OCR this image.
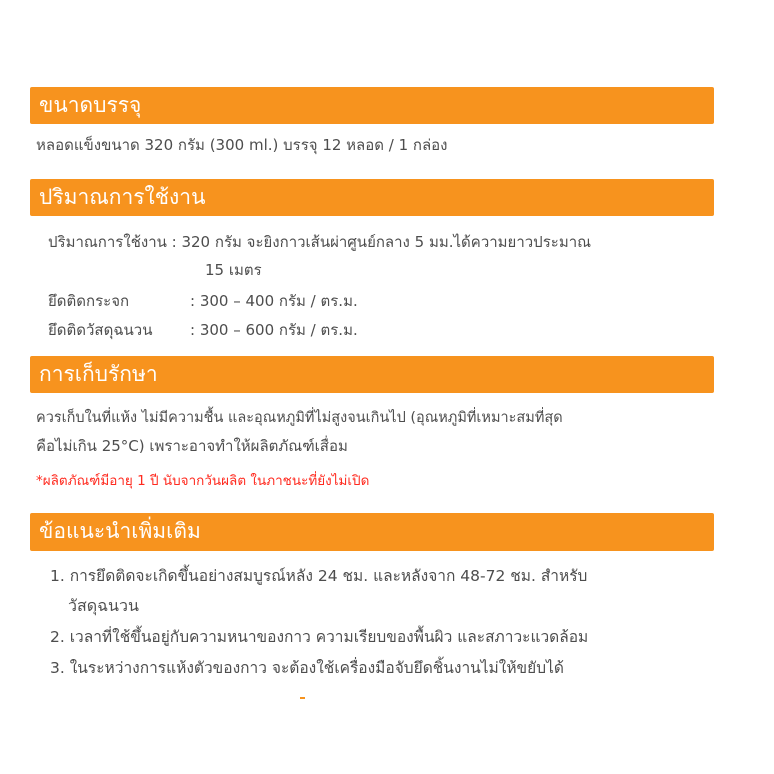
ขนาดบรรจุ
หลอดแข็งขนาด 320 กรัม (300 ml.) บรรจุ 12 หลอด / 1 กล่อง
ปริมาณการใช้งาน
ปริมาณการใช้งาน : 320 กรัม จะยิงกาวเส้นผ่าศูนย์กลาง 5 มม.ได้ความยาวประมาณ
15 เมตร
ยึดติดกระจก	: 300 – 400 กรัม / ตร.ม.
ยึดติดวัสดุฉนวน	: 300 – 600 กรัม / ตร.ม.
การเก็บรักษา
ควรเก็บในที่แห้ง ไม่มีความชื้น และอุณหภูมิที่ไม่สูงจนเกินไป (อุณหภูมิที่เหมาะสมที่สุด
คือไม่เกิน 25°C) เพราะอาจทำให้ผลิตภัณฑ์เสื่อม
*ผลิตภัณฑ์มีอายุ 1 ปี นับจากวันผลิต ในภาชนะที่ยังไม่เปิด
ข้อแนะนำเพิ่มเติม
1. การยึดติดจะเกิดขึ้นอย่างสมบูรณ์หลัง 24 ชม. และหลังจาก 48-72 ชม. สำหรับ
วัสดุฉนวน
2. เวลาที่ใช้ขึ้นอยู่กับความหนาของกาว ความเรียบของพื้นผิว และสภาวะแวดล้อม
3. ในระหว่างการแห้งตัวของกาว จะต้องใช้เครื่องมือจับยึดชิ้นงานไม่ให้ขยับได้
